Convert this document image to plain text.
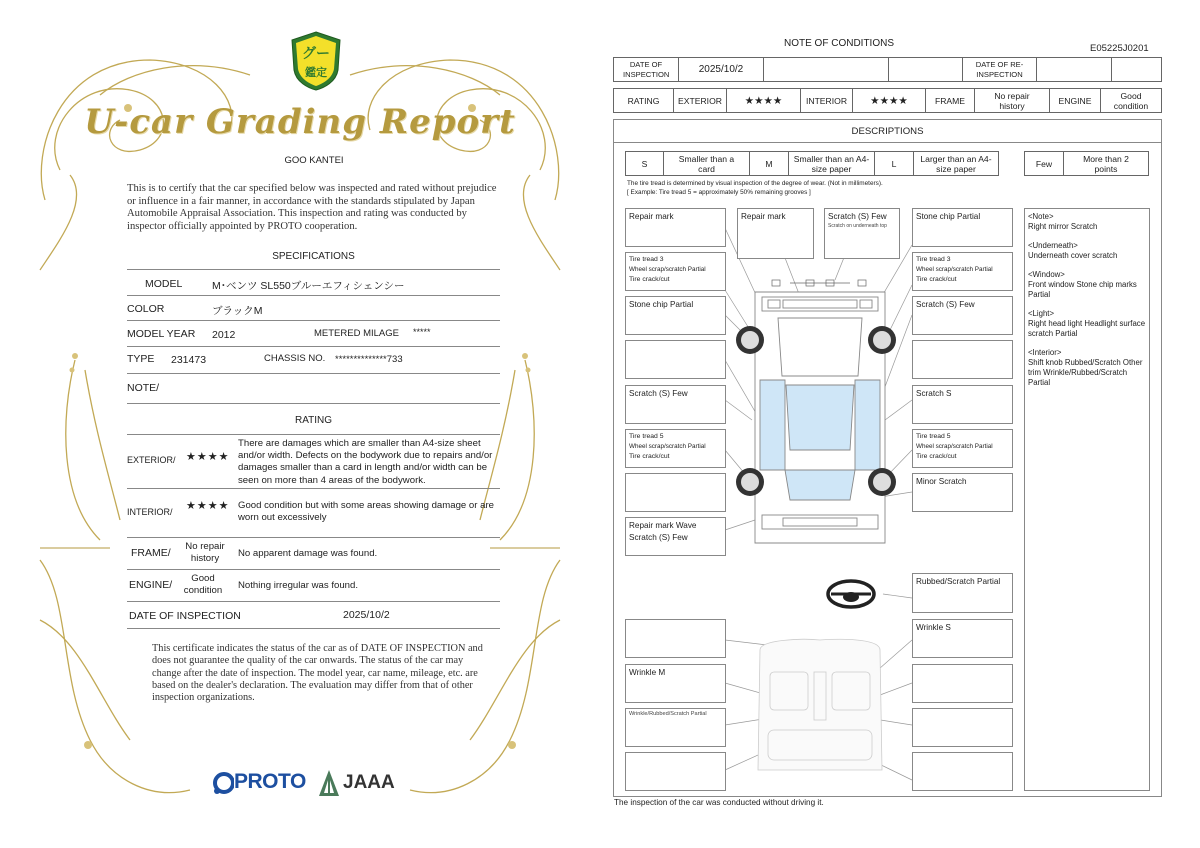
グー
鑑定
U-car Grading Report
GOO KANTEI
This is to certify that the car specified below was inspected and rated without prejudice or influence in a fair manner, in accordance with the standards stipulated by Japan Automobile Appraisal Association. This inspection and rating was conducted by inspector officially appointed by PROTO cooperation.
SPECIFICATIONS
MODEL	M･ベンツ SL550ブルーエフィシェンシー
COLOR	ブラックM
MODEL YEAR 2012	METERED MILAGE *****
TYPE 231473	CHASSIS NO. **************733
NOTE/
RATING
EXTERIOR/ ★★★★
There are damages which are smaller than A4-size sheet and/or width. Defects on the bodywork due to repairs and/or damages smaller than a card in length and/or width can be seen on more than 4 areas of the bodywork.
INTERIOR/ ★★★★ Good condition but with some areas showing damage or are worn out excessively
FRAME/
No repair history	No apparent damage was found.
ENGINE/
Good condition	Nothing irregular was found.
DATE OF INSPECTION	2025/10/2
This certificate indicates the status of the car as of DATE OF INSPECTION and does not guarantee the quality of the car onwards. The status of the car may change after the date of inspection. The model year, car name, mileage, etc. are based on the dealer's declaration. The evaluation may differ from that of other inspection organizations.
PROTO JAAA
NOTE OF CONDITIONS	E05225J0201
DATE OF INSPECTION	2025/10/2	DATE OF RE-INSPECTION
RATING	EXTERIOR	★★★★	INTERIOR	★★★★	FRAME	No repair history	ENGINE	Good condition
DESCRIPTIONS
S	Smaller than a card	M	Smaller than an A4-size paper	L	Larger than an A4-size paper	Few	More than 2 points
The tire tread is determined by visual inspection of the degree of wear. (Not in millimeters).
[ Example: Tire tread 5 = approximately 50% remaining grooves ]
Repair mark	Repair mark	Scratch (S) Few
Scratch on underneath top
Stone chip Partial
Tire tread 3
Wheel scrap/scratch Partial
Tire crack/cut
Tire tread 3
Wheel scrap/scratch Partial
Tire crack/cut
Stone chip Partial	Scratch (S) Few
Scratch (S) Few	Scratch S
Tire tread 5
Wheel scrap/scratch Partial
Tire crack/cut
Tire tread 5
Wheel scrap/scratch Partial
Tire crack/cut
Minor Scratch
Repair mark Wave
Scratch (S) Few
Rubbed/Scratch Partial
Wrinkle S
Wrinkle M
Wrinkle/Rubbed/Scratch Partial

<Note>
Right mirror Scratch

<Underneath>
Underneath cover scratch

<Window>
Front window Stone chip marks Partial

<Light>
Right head light Headlight surface scratch Partial

<Interior>
Shift knob Rubbed/Scratch Other trim Wrinkle/Rubbed/Scratch Partial

The inspection of the car was conducted without driving it.
